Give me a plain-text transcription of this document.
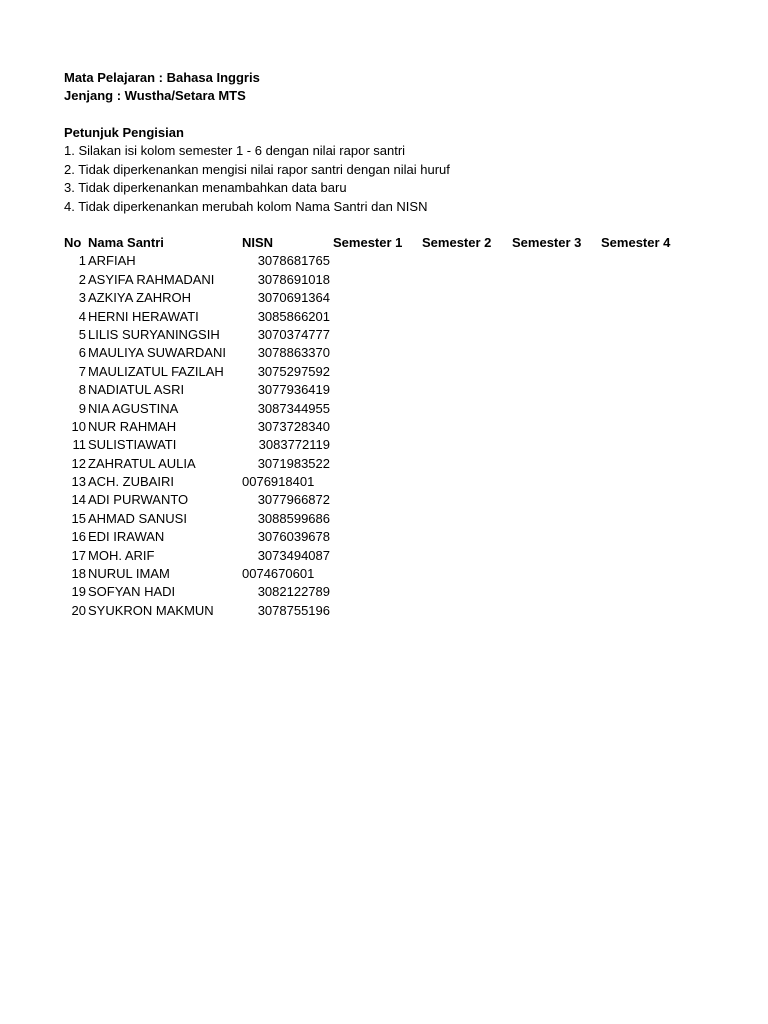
Mata Pelajaran : Bahasa Inggris
Jenjang : Wustha/Setara MTS
Petunjuk Pengisian
1. Silakan isi kolom semester 1 - 6 dengan nilai rapor santri
2. Tidak diperkenankan mengisi nilai rapor santri dengan nilai huruf
3. Tidak diperkenankan menambahkan data baru
4. Tidak diperkenankan merubah kolom Nama Santri dan NISN
No Nama Santri	NISN	Semester 1 Semester 2 Semester 3 Semester 4
1 ARFIAH	3078681765
2 ASYIFA RAHMADANI	3078691018
3 AZKIYA ZAHROH	3070691364
4 HERNI HERAWATI	3085866201
5 LILIS SURYANINGSIH	3070374777
6 MAULIYA SUWARDANI	3078863370
7 MAULIZATUL FAZILAH	3075297592
8 NADIATUL ASRI	3077936419
9 NIA AGUSTINA	3087344955
10 NUR RAHMAH	3073728340
11 SULISTIAWATI	3083772119
12 ZAHRATUL AULIA	3071983522
13 ACH. ZUBAIRI	0076918401
14 ADI PURWANTO	3077966872
15 AHMAD SANUSI	3088599686
16 EDI IRAWAN	3076039678
17 MOH. ARIF	3073494087
18 NURUL IMAM	0074670601
19 SOFYAN HADI	3082122789
20 SYUKRON MAKMUN	3078755196
